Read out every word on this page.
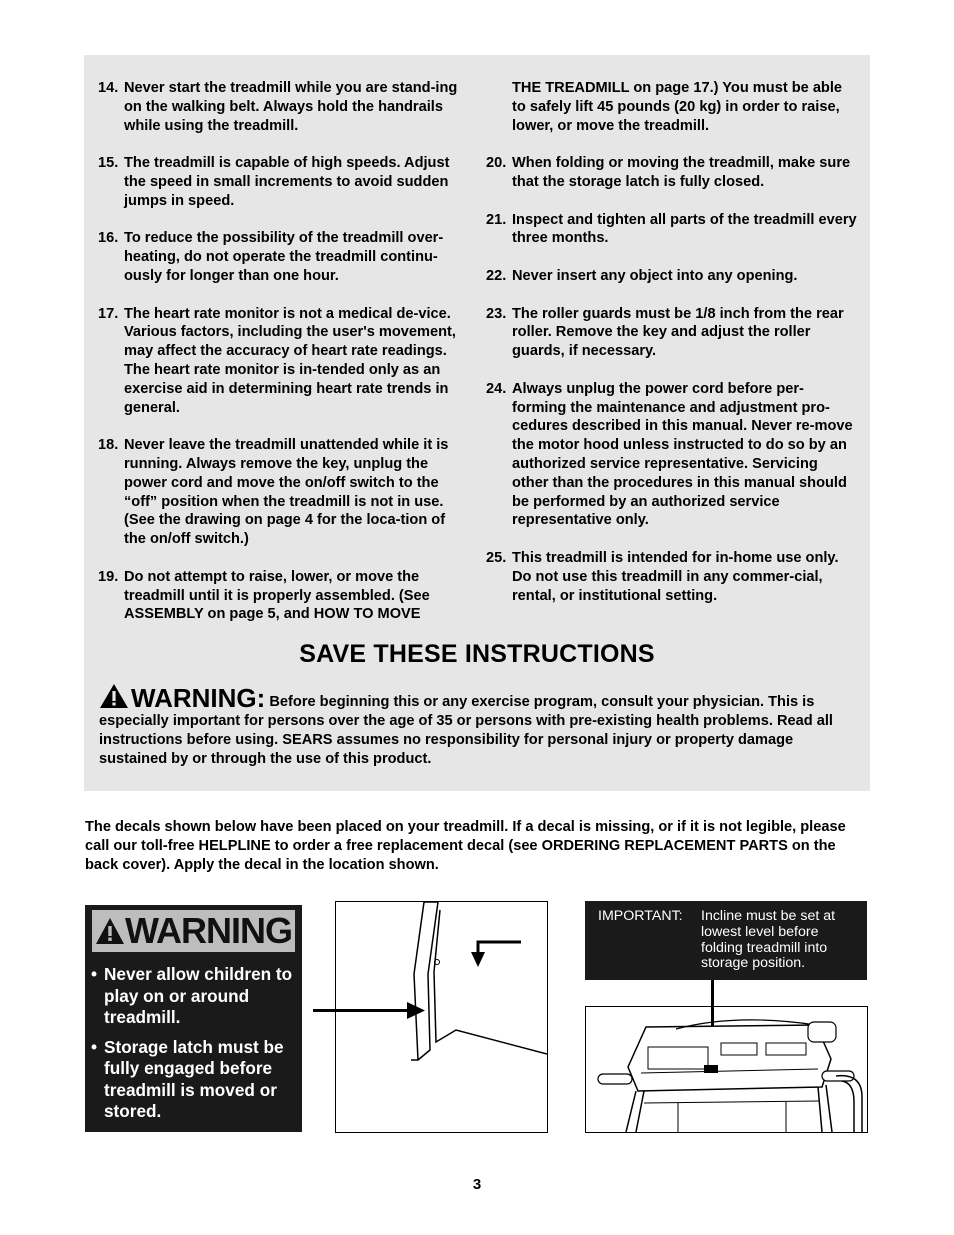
14. Never start the treadmill while you are stand-ing on the walking belt. Always hold the handrails while using the treadmill.
15. The treadmill is capable of high speeds. Adjust the speed in small increments to avoid sudden jumps in speed.
16. To reduce the possibility of the treadmill over-heating, do not operate the treadmill continu-ously for longer than one hour.
17. The heart rate monitor is not a medical de-vice. Various factors, including the user's movement, may affect the accuracy of heart rate readings. The heart rate monitor is in-tended only as an exercise aid in determining heart rate trends in general.
18. Never leave the treadmill unattended while it is running. Always remove the key, unplug the power cord and move the on/off switch to the “off” position when the treadmill is not in use. (See the drawing on page 4 for the loca-tion of the on/off switch.)
19. Do not attempt to raise, lower, or move the treadmill until it is properly assembled. (See ASSEMBLY on page 5, and HOW TO MOVE
THE TREADMILL on page 17.) You must be able to safely lift 45 pounds (20 kg) in order to raise, lower, or move the treadmill.
20. When folding or moving the treadmill, make sure that the storage latch is fully closed.
21. Inspect and tighten all parts of the treadmill every three months.
22. Never insert any object into any opening.
23. The roller guards must be 1/8 inch from the rear roller. Remove the key and adjust the roller guards, if necessary.
24. Always unplug the power cord before per-forming the maintenance and adjustment pro-cedures described in this manual. Never re-move the motor hood unless instructed to do so by an authorized service representative. Servicing other than the procedures in this manual should be performed by an authorized service representative only.
25. This treadmill is intended for in-home use only. Do not use this treadmill in any commer-cial, rental, or institutional setting.
SAVE THESE INSTRUCTIONS
WARNING: Before beginning this or any exercise program, consult your physician. This is especially important for persons over the age of 35 or persons with pre-existing health problems. Read all instructions before using. SEARS assumes no responsibility for personal injury or property damage sustained by or through the use of this product.
The decals shown below have been placed on your treadmill. If a decal is missing, or if it is not legible, please call our toll-free HELPLINE to order a free replacement decal (see ORDERING REPLACEMENT PARTS on the back cover). Apply the decal in the location shown.
WARNING
• Never allow children to play on or around treadmill.
• Storage latch must be fully engaged before treadmill is moved or stored.
IMPORTANT: Incline must be set at lowest level before folding treadmill into storage position.
3
